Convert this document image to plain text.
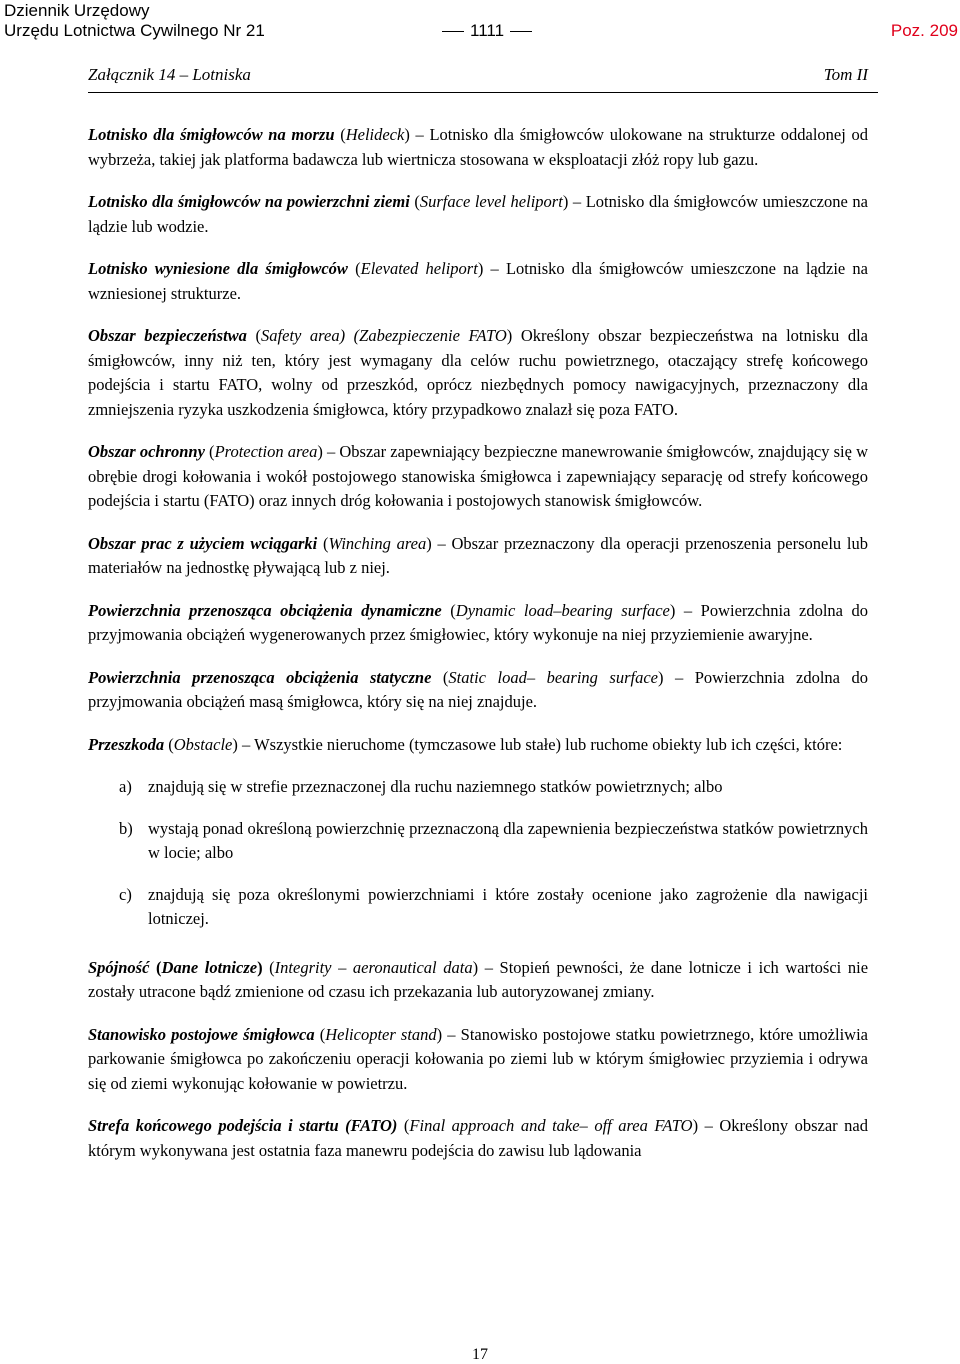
Dziennik Urzędowy
Urzędu Lotnictwa Cywilnego Nr 21	1111	Poz. 209
Załącznik 14 – Lotniska	Tom II

Lotnisko dla śmigłowców na morzu (Helideck) – Lotnisko dla śmigłowców ulokowane na strukturze oddalonej od wybrzeża, takiej jak platforma badawcza lub wiertnicza stosowana w eksploatacji złóż ropy lub gazu.

Lotnisko dla śmigłowców na powierzchni ziemi (Surface level heliport) – Lotnisko dla śmigłowców umieszczone na lądzie lub wodzie.

Lotnisko wyniesione dla śmigłowców (Elevated heliport) – Lotnisko dla śmigłowców umieszczone na lądzie na wzniesionej strukturze.

Obszar bezpieczeństwa (Safety area) (Zabezpieczenie FATO) Określony obszar bezpieczeństwa na lotnisku dla śmigłowców, inny niż ten, który jest wymagany dla celów ruchu powietrznego, otaczający strefę końcowego podejścia i startu FATO, wolny od przeszkód, oprócz niezbędnych pomocy nawigacyjnych, przeznaczony dla zmniejszenia ryzyka uszkodzenia śmigłowca, który przypadkowo znalazł się poza FATO.

Obszar ochronny (Protection area) – Obszar zapewniający bezpieczne manewrowanie śmigłowców, znajdujący się w obrębie drogi kołowania i wokół postojowego stanowiska śmigłowca i zapewniający separację od strefy końcowego podejścia i startu (FATO) oraz innych dróg kołowania i postojowych stanowisk śmigłowców.

Obszar prac z użyciem wciągarki (Winching area) – Obszar przeznaczony dla operacji przenoszenia personelu lub materiałów na jednostkę pływającą lub z niej.

Powierzchnia przenosząca obciążenia dynamiczne (Dynamic load–bearing surface) – Powierzchnia zdolna do przyjmowania obciążeń wygenerowanych przez śmigłowiec, który wykonuje na niej przyziemienie awaryjne.

Powierzchnia przenosząca obciążenia statyczne (Static load– bearing surface) – Powierzchnia zdolna do przyjmowania obciążeń masą śmigłowca, który się na niej znajduje.

Przeszkoda (Obstacle) – Wszystkie nieruchome (tymczasowe lub stałe) lub ruchome obiekty lub ich części, które:

a) znajdują się w strefie przeznaczonej dla ruchu naziemnego statków powietrznych; albo
b) wystają ponad określoną powierzchnię przeznaczoną dla zapewnienia bezpieczeństwa statków powietrznych w locie; albo
c) znajdują się poza określonymi powierzchniami i które zostały ocenione jako zagrożenie dla nawigacji lotniczej.

Spójność (Dane lotnicze) (Integrity – aeronautical data) – Stopień pewności, że dane lotnicze i ich wartości nie zostały utracone bądź zmienione od czasu ich przekazania lub autoryzowanej zmiany.

Stanowisko postojowe śmigłowca (Helicopter stand) – Stanowisko postojowe statku powietrznego, które umożliwia parkowanie śmigłowca po zakończeniu operacji kołowania po ziemi lub w którym śmigłowiec przyziemia i odrywa się od ziemi wykonując kołowanie w powietrzu.

Strefa końcowego podejścia i startu (FATO) (Final approach and take– off area FATO) – Określony obszar nad którym wykonywana jest ostatnia faza manewru podejścia do zawisu lub lądowania

17
